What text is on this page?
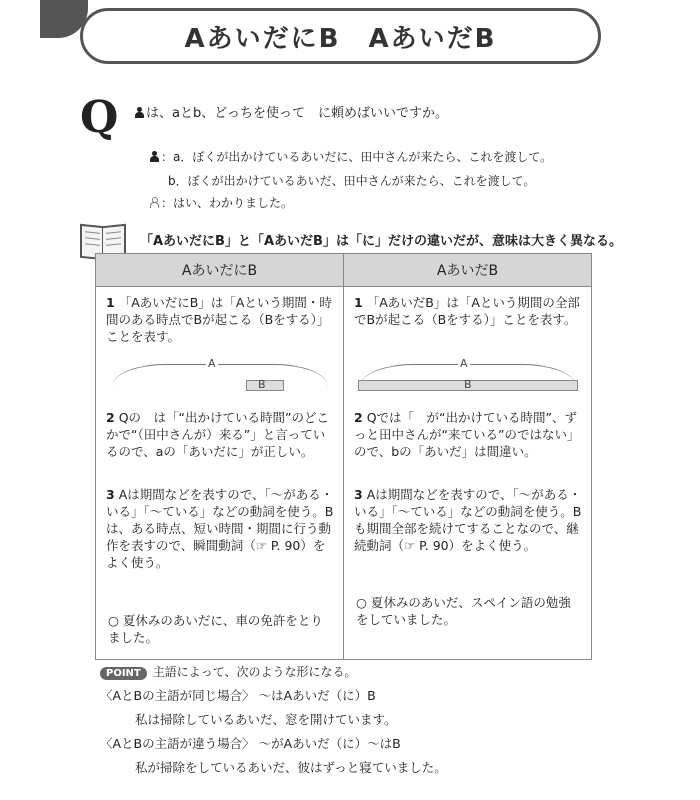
AあいだにB　AあいだB
Q	は、aとb、どっちを使って　に頼めばいいですか。
：a．ぼくが出かけているあいだに、田中さんが来たら、これを渡して。
b．ぼくが出かけているあいだ、田中さんが来たら、これを渡して。
：はい、わかりました。
「AあいだにB」と「AあいだB」は「に」だけの違いだが、意味は大きく異なる。
AあいだにB
1 「AあいだにB」は「Aという期間・時間のある時点でBが起こる（Bをする）」ことを表す。
A
B
2 Qの　は「“出かけている時間”のどこかで“（田中さんが）来る”」と言っているので、aの「あいだに」が正しい。
3 Aは期間などを表すので、「～がある・いる」「～ている」などの動詞を使う。Bは、ある時点、短い時間・期間に行う動作を表すので、瞬間動詞（☞ P. 90）をよく使う。
○ 夏休みのあいだに、車の免許をとりました。
AあいだB
1 「AあいだB」は「Aという期間の全部でBが起こる（Bをする）」ことを表す。
A
B
2 Qでは「　が“出かけている時間”、ずっと田中さんが“来ている”のではない」ので、bの「あいだ」は間違い。
3 Aは期間などを表すので、「～がある・いる」「～ている」などの動詞を使う。Bも期間全部を続けてすることなので、継続動詞（☞ P. 90）をよく使う。
○ 夏休みのあいだ、スペイン語の勉強をしていました。
POINT 主語によって、次のような形になる。
〈AとBの主語が同じ場合〉 ～はAあいだ（に）B
私は掃除しているあいだ、窓を開けています。
〈AとBの主語が違う場合〉 ～がAあいだ（に）～はB
私が掃除をしているあいだ、彼はずっと寝ていました。
